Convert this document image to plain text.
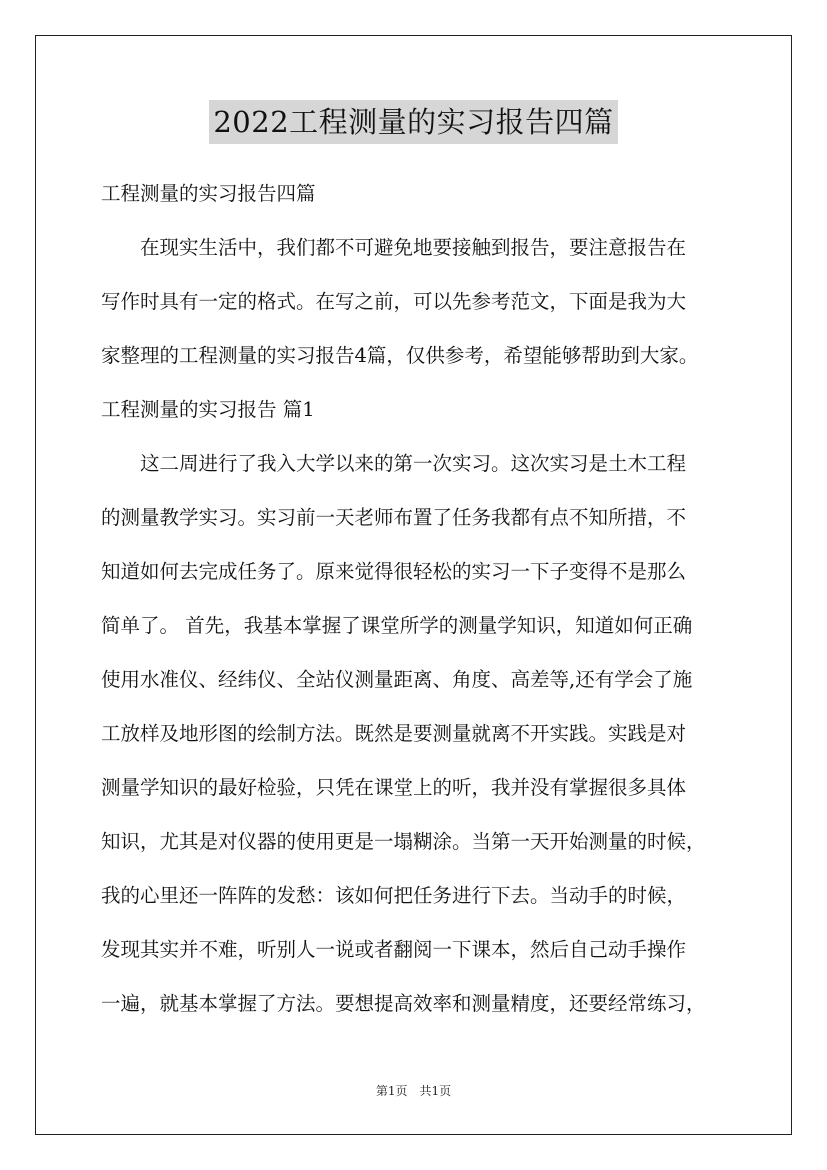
2022工程测量的实习报告四篇
工程测量的实习报告四篇
　　在现实生活中，我们都不可避免地要接触到报告，要注意报告在
写作时具有一定的格式。在写之前，可以先参考范文，下面是我为大
家整理的工程测量的实习报告4篇，仅供参考，希望能够帮助到大家。
工程测量的实习报告 篇1
　　这二周进行了我入大学以来的第一次实习。这次实习是土木工程
的测量教学实习。实习前一天老师布置了任务我都有点不知所措，不
知道如何去完成任务了。原来觉得很轻松的实习一下子变得不是那么
简单了。 首先，我基本掌握了课堂所学的测量学知识，知道如何正确
使用水准仪、经纬仪、全站仪测量距离、角度、高差等,还有学会了施
工放样及地形图的绘制方法。既然是要测量就离不开实践。实践是对
测量学知识的最好检验，只凭在课堂上的听，我并没有掌握很多具体
知识，尤其是对仪器的使用更是一塌糊涂。当第一天开始测量的时候，
我的心里还一阵阵的发愁：该如何把任务进行下去。当动手的时候，
发现其实并不难，听别人一说或者翻阅一下课本，然后自己动手操作
一遍，就基本掌握了方法。要想提高效率和测量精度，还要经常练习，
第1页　共1页
